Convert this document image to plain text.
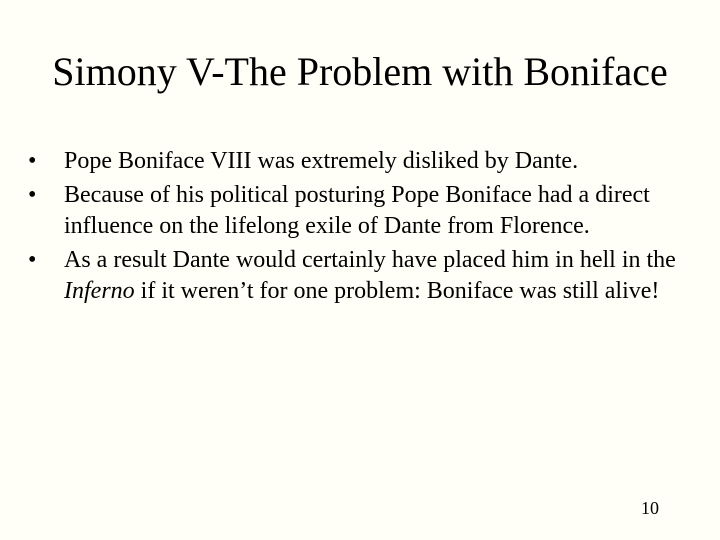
Simony V-The Problem with Boniface
•	Pope Boniface VIII was extremely disliked by Dante.
•	Because of his political posturing Pope Boniface had a direct influence on the lifelong exile of Dante from Florence.
•	As a result Dante would certainly have placed him in hell in the Inferno if it weren’t for one problem: Boniface was still alive!
10
